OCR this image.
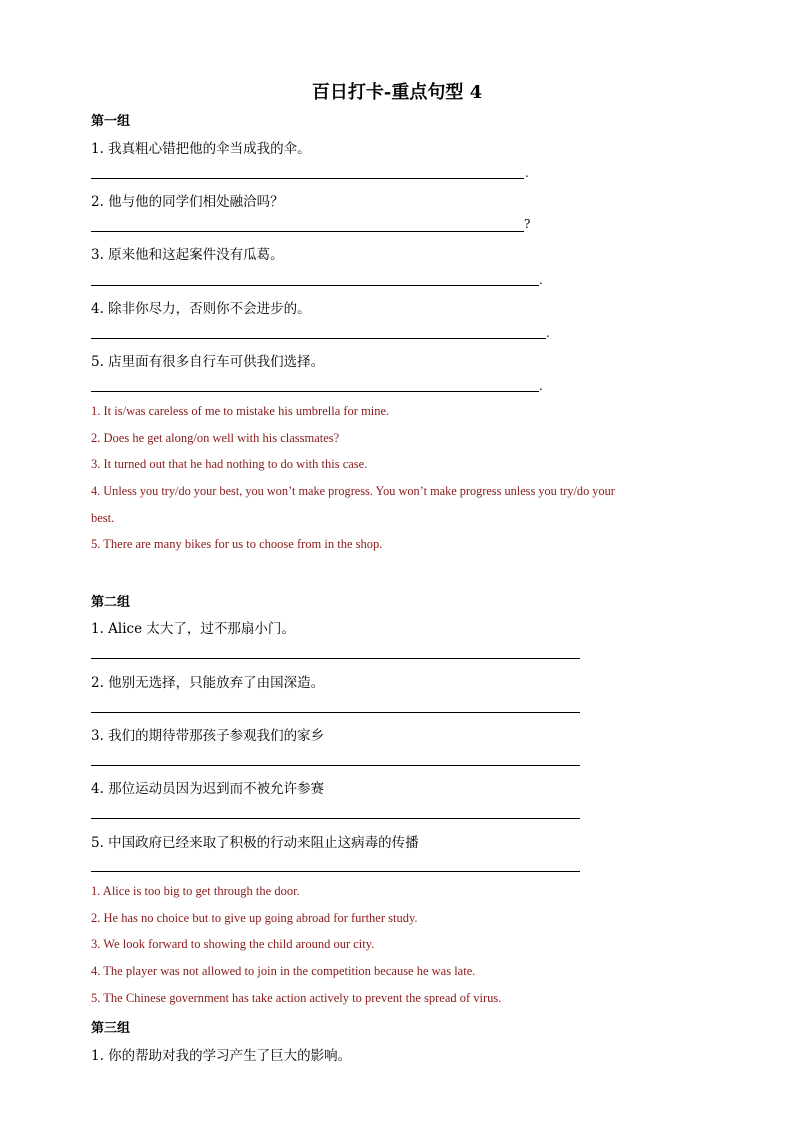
百日打卡-重点句型 4
第一组
1. 我真粗心错把他的伞当成我的伞。
.
2. 他与他的同学们相处融洽吗？
?
3. 原来他和这起案件没有瓜葛。
.
4. 除非你尽力，否则你不会进步的。
.
5. 店里面有很多自行车可供我们选择。
.
1. It is/was careless of me to mistake his umbrella for mine.
2. Does he get along/on well with his classmates?
3. It turned out that he had nothing to do with this case.
4. Unless you try/do your best, you won’t make progress. You won’t make progress unless you try/do your
best.
5. There are many bikes for us to choose from in the shop.
第二组
1. Alice 太大了，过不那扇小门。
2. 他别无选择，只能放弃了由国深造。
3. 我们的期待带那孩子参观我们的家乡
4. 那位运动员因为迟到而不被允许参赛
5. 中国政府已经来取了积极的行动来阻止这病毒的传播
1. Alice is too big to get through the door.
2. He has no choice but to give up going abroad for further study.
3. We look forward to showing the child around our city.
4. The player was not allowed to join in the competition because he was late.
5. The Chinese government has take action actively to prevent the spread of virus.
第三组
1. 你的帮助对我的学习产生了巨大的影响。
